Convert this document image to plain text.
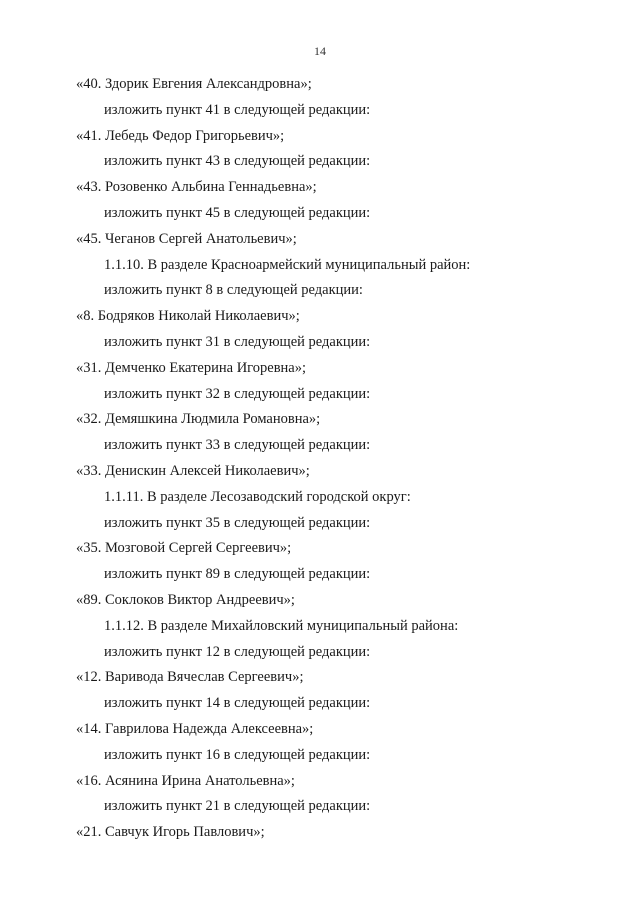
14
«40. Здорик Евгения Александровна»;
изложить пункт 41 в следующей редакции:
«41. Лебедь Федор Григорьевич»;
изложить пункт 43 в следующей редакции:
«43. Розовенко Альбина Геннадьевна»;
изложить пункт 45 в следующей редакции:
«45. Чеганов Сергей Анатольевич»;
1.1.10. В разделе Красноармейский муниципальный район:
изложить пункт 8 в следующей редакции:
«8. Бодряков Николай Николаевич»;
изложить пункт 31 в следующей редакции:
«31. Демченко Екатерина Игоревна»;
изложить пункт 32 в следующей редакции:
«32. Демяшкина Людмила Романовна»;
изложить пункт 33 в следующей редакции:
«33. Денискин Алексей Николаевич»;
1.1.11. В разделе Лесозаводский городской округ:
изложить пункт 35 в следующей редакции:
«35. Мозговой Сергей Сергеевич»;
изложить пункт 89 в следующей редакции:
«89. Соклоков Виктор Андреевич»;
1.1.12. В разделе Михайловский муниципальный района:
изложить пункт 12 в следующей редакции:
«12. Варивода Вячеслав Сергеевич»;
изложить пункт 14 в следующей редакции:
«14. Гаврилова Надежда Алексеевна»;
изложить пункт 16 в следующей редакции:
«16. Асянина Ирина Анатольевна»;
изложить пункт 21 в следующей редакции:
«21. Савчук Игорь Павлович»;
